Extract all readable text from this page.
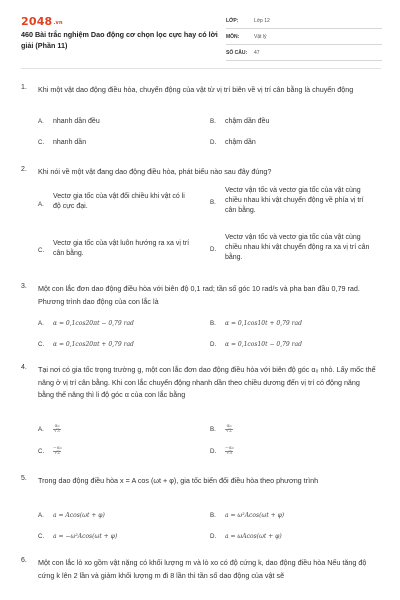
2048.vn
460 Bài trắc nghiệm Dao động cơ chọn lọc cực hay có lời giải (Phần 11)
LỚP:	Lớp 12
MÔN:	Vật lý
SỐ CÂU:	47
1. Khi một vật dao động điều hòa, chuyển động của vật từ vị trí biên về vị trí cân bằng là chuyển động
A. nhanh dần đều	B. chậm dần đều
C. nhanh dần	D. chậm dần
2. Khi nói về một vật đang dao động điều hòa, phát biểu nào sau đây đúng?
A.
Vectơ gia tốc của vật đổi chiều khi vật có li độ cực đại.
B.
Vectơ vận tốc và vectơ gia tốc của vật cùng chiều nhau khi vật chuyển động về phía vị trí cân bằng.
C.
Vectơ gia tốc của vật luôn hướng ra xa vị trí cân bằng.
D.
Vectơ vận tốc và vectơ gia tốc của vật cùng chiều nhau khi vật chuyển động ra xa vị trí cân bằng.
3. Một con lắc đơn dao động điều hòa với biên độ 0,1 rad; tần số góc 10 rad/s và pha ban đầu 0,79 rad. Phương trình dao động của con lắc là
A. α = 0,1cos20πt − 0,79 rad	B. α = 0,1cos10t + 0,79 rad
C. α = 0,1cos20πt + 0,79 rad	D. α = 0,1cos10t − 0,79 rad
4. Tại nơi có gia tốc trọng trường g, một con lắc đơn dao động điều hòa với biên độ góc α₀ nhỏ. Lấy mốc thế năng ở vị trí cân bằng. Khi con lắc chuyển động nhanh dần theo chiều dương đến vị trí có động năng bằng thế năng thì li độ góc α của con lắc bằng
A. $\frac{\text{α₀}}{√3}$	B. $\frac{\text{α₀}}{√2}$
C. $\frac{\text{−α₀}}{√2}$	D. $\frac{\text{−α₀}}{√3}$
5. Trong dao động điều hòa x = A cos (ωt + φ), gia tốc biến đổi điều hòa theo phương trình
A. a = Acos(ωt + φ)	B. a = ω²Acos(ωt + φ)
C. a = −ω²Acos(ωt + φ)	D. a = ωAcos(ωt + φ)
6. Một con lắc lò xo gồm vật nặng có khối lượng m và lò xo có độ cứng k, dao động điều hòa Nếu tăng độ cứng k lên 2 lần và giảm khối lượng m đi 8 lần thì tần số dao động của vật sẽ
